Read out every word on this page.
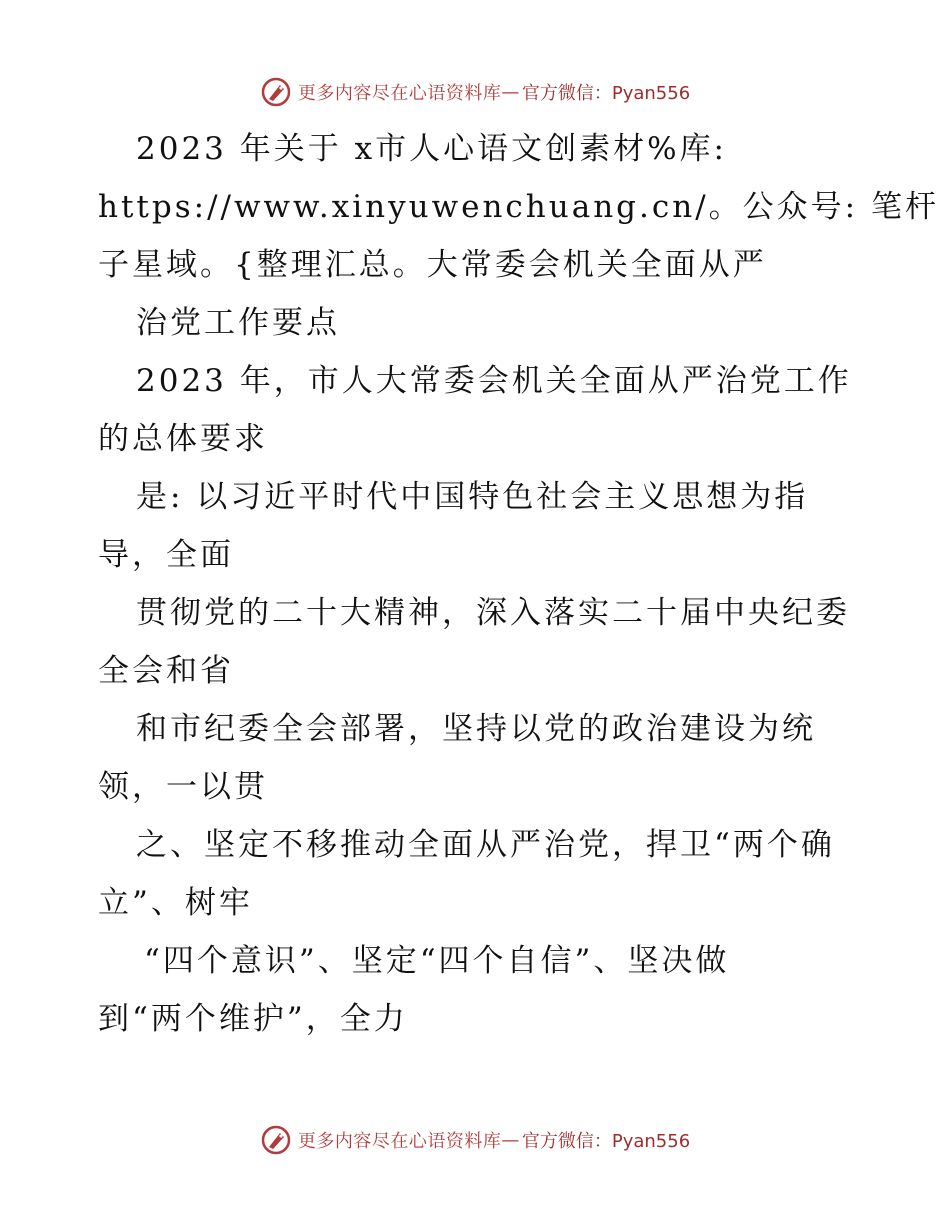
更多内容尽在心语资料库 — 官方微信：Pyan556
2023 年关于 x市人心语文创素材%库:
https://www.xinyuwenchuang.cn/。公众号: 笔杆
子星域。{整理汇总。大常委会机关全面从严
治党工作要点
2023 年，市人大常委会机关全面从严治党工作
的总体要求
是: 以习近平时代中国特色社会主义思想为指
导，全面
贯彻党的二十大精神，深入落实二十届中央纪委
全会和省
和市纪委全会部署，坚持以党的政治建设为统
领，一以贯
之、坚定不移推动全面从严治党，捍卫“两个确
立”、树牢
“四个意识”、坚定“四个自信”、坚决做
到“两个维护”，全力
更多内容尽在心语资料库 — 官方微信：Pyan556
